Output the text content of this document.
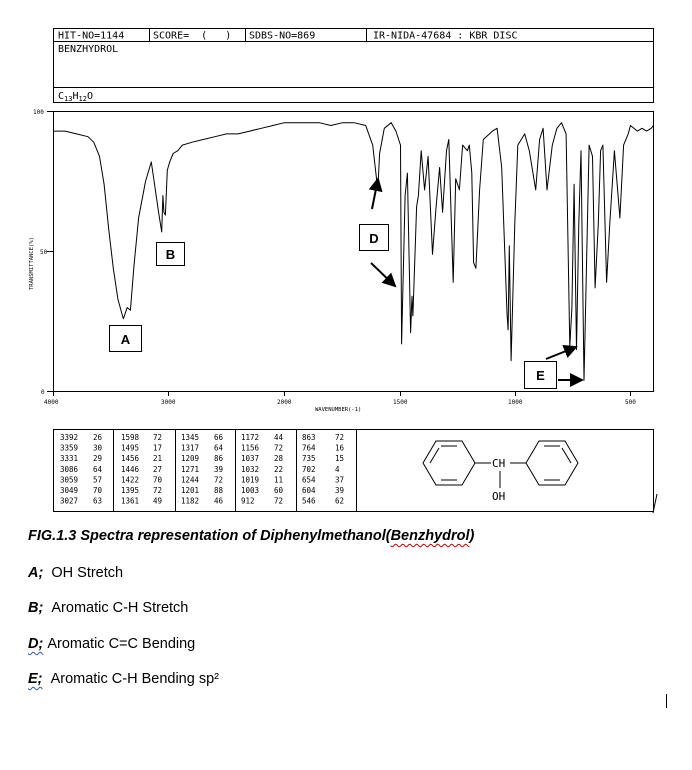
HIT-NO=1144	SCORE=  (   ) SDBS-NO=869	IR-NIDA-47684 : KBR DISC
BENZHYDROL
$C_{13}H_{12}O$
100
50
0
TRANSMITTANCE(%)
4000	3000	2000	1500	1000	500
WAVENUMBER(-1)
A
B
D
E
3392 26
3359 30
3331 29
3086 64
3059 57
3049 70
3027 63
1598 72
1495 17
1456 21
1446 27
1422 70
1395 72
1361 49
1345 66
1317 64
1209 86
1271 39
1244 72
1201 88
1182 46
1172 44
1156 72
1037 28
1032 22
1019 11
1003 60
912	72
863	72
764	16
735	15
702	4
654	37
604	39
546	62
CH
OH
FIG.1.3 Spectra representation of Diphenylmethanol(Benzhydrol)
A; OH Stretch
B; Aromatic C-H Stretch
D; Aromatic C=C Bending
E; Aromatic C-H Bending sp²
